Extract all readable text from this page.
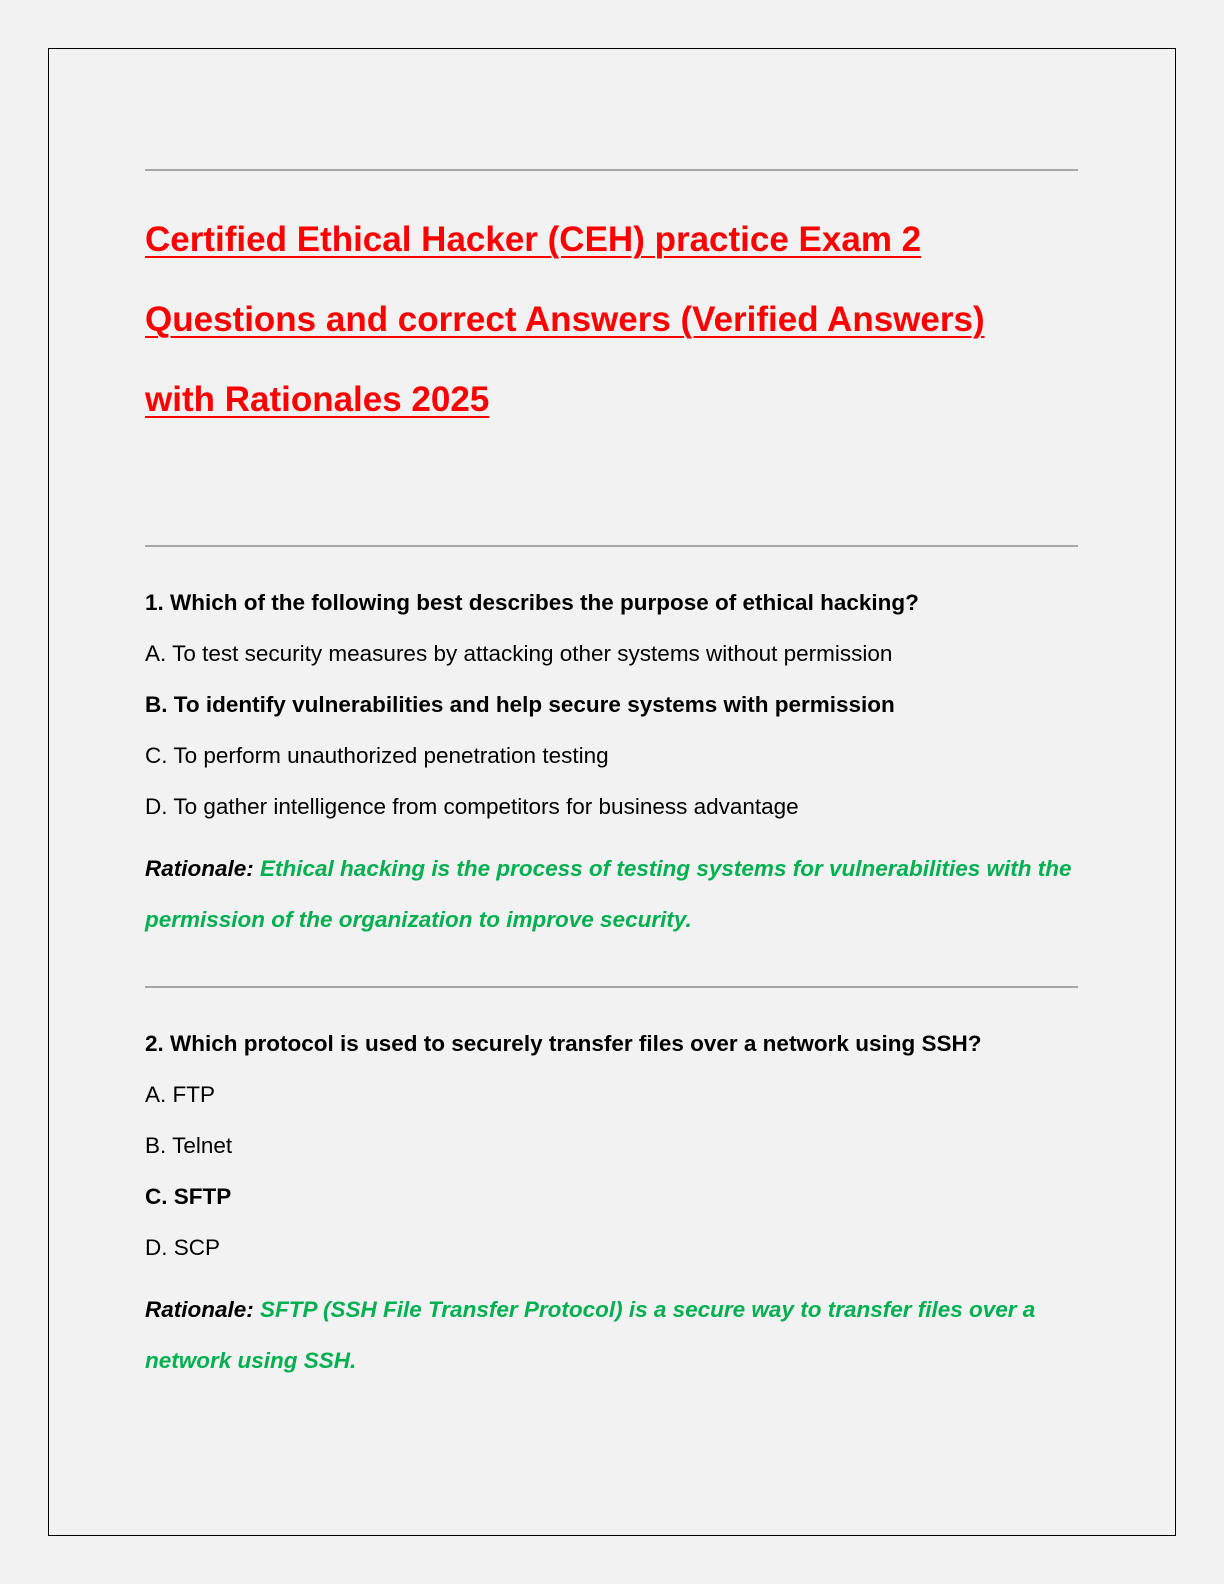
Certified Ethical Hacker (CEH) practice Exam 2
Questions and correct Answers (Verified Answers)
with Rationales 2025
1. Which of the following best describes the purpose of ethical hacking?
A. To test security measures by attacking other systems without permission
B. To identify vulnerabilities and help secure systems with permission
C. To perform unauthorized penetration testing
D. To gather intelligence from competitors for business advantage
Rationale: Ethical hacking is the process of testing systems for vulnerabilities with the permission of the organization to improve security.
2. Which protocol is used to securely transfer files over a network using SSH?
A. FTP
B. Telnet
C. SFTP
D. SCP
Rationale: SFTP (SSH File Transfer Protocol) is a secure way to transfer files over a network using SSH.
